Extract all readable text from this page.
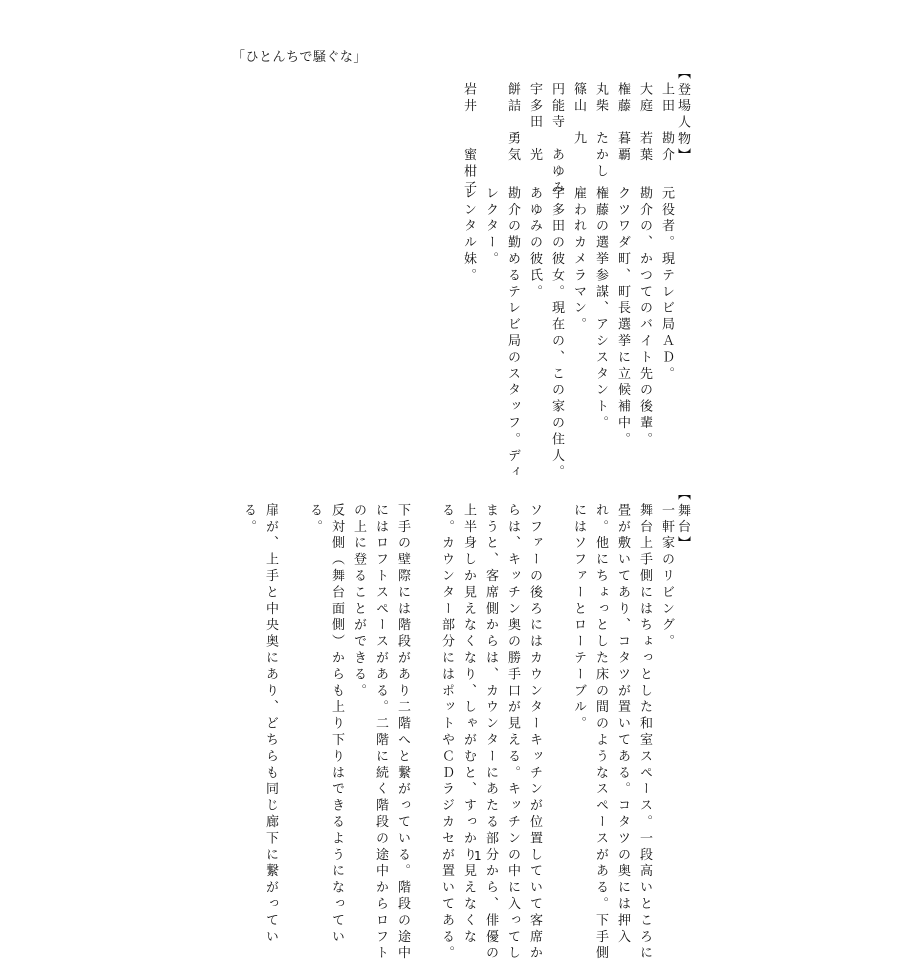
「ひとんちで騒ぐな」
【登場人物】
上田　勘介
元役者。現テレビ局ＡＤ。
大庭　若葉
勘介の、かつてのバイト先の後輩。
権藤　暮覇
クツワダ町、町長選挙に立候補中。
丸柴　たかし
権藤の選挙参謀、アシスタント。
篠山　九
雇われカメラマン。
円能寺　あゆみ
宇多田の彼女。現在の、この家の住人。
宇多田　光
あゆみの彼氏。
餅詰　勇気
勘介の勤めるテレビ局のスタッフ。ディ
レクター。
岩井　　蜜柑子
レンタル妹。
【舞台】
一軒家のリビング。
舞台上手側にはちょっとした和室スペース。一段高いところに
畳が敷いてあり、コタツが置いてある。コタツの奥には押入
れ。他にちょっとした床の間のようなスペースがある。下手側
にはソファーとローテーブル。
ソファーの後ろにはカウンターキッチンが位置していて客席か
らは、キッチン奥の勝手口が見える。キッチンの中に入ってし
まうと、客席側からは、カウンターにあたる部分から、俳優の
上半身しか見えなくなり、しゃがむと、すっかり見えなくな
る。カウンター部分にはポットやＣＤラジカセが置いてある。
下手の壁際には階段があり二階へと繋がっている。階段の途中
にはロフトスペースがある。二階に続く階段の途中からロフト
の上に登ることができる。
反対側（舞台面側）からも上り下りはできるようになってい
る。
扉が、上手と中央奥にあり、どちらも同じ廊下に繋がってい
る。
1
